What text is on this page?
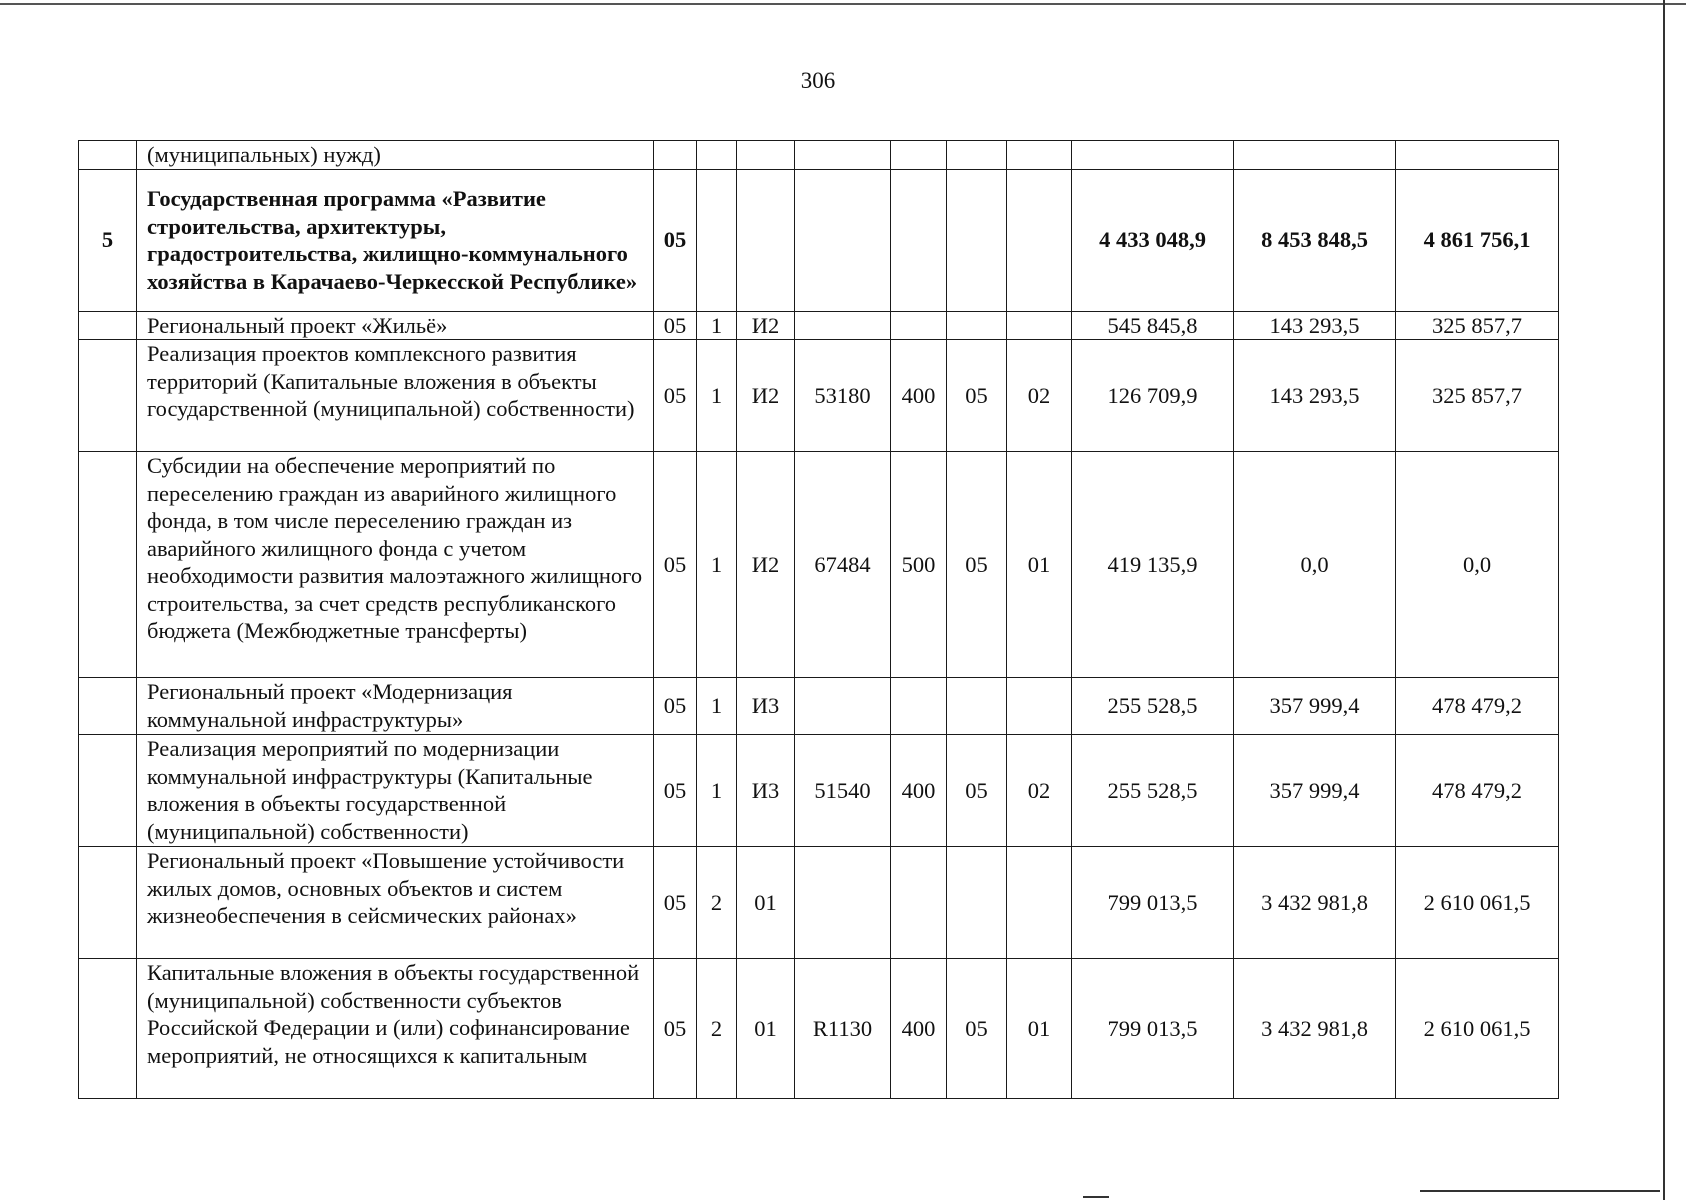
306
	(муниципальных) нужд)										
5	Государственная программа «Развитие строительства, архитектуры, градостроительства, жилищно-коммунального хозяйства в Карачаево-Черкесской Республике»	05							4 433 048,9	8 453 848,5	4 861 756,1
	Региональный проект «Жильё»	05	1	И2					545 845,8	143 293,5	325 857,7
	Реализация проектов комплексного развития территорий (Капитальные вложения в объекты государственной (муниципальной) собственности)	05	1	И2	53180	400	05	02	126 709,9	143 293,5	325 857,7
	Субсидии на обеспечение мероприятий по переселению граждан из аварийного жилищного фонда, в том числе переселению граждан из аварийного жилищного фонда с учетом необходимости развития малоэтажного жилищного строительства, за счет средств республиканского бюджета (Межбюджетные трансферты)	05	1	И2	67484	500	05	01	419 135,9	0,0	0,0
	Региональный проект «Модернизация коммунальной инфраструктуры»	05	1	И3					255 528,5	357 999,4	478 479,2
	Реализация мероприятий по модернизации коммунальной инфраструктуры (Капитальные вложения в объекты государственной (муниципальной) собственности)	05	1	И3	51540	400	05	02	255 528,5	357 999,4	478 479,2
	Региональный проект «Повышение устойчивости жилых домов, основных объектов и систем жизнеобеспечения в сейсмических районах»	05	2	01					799 013,5	3 432 981,8	2 610 061,5
	Капитальные вложения в объекты государственной (муниципальной) собственности субъектов Российской Федерации и (или) софинансирование мероприятий, не относящихся к капитальным	05	2	01	R1130	400	05	01	799 013,5	3 432 981,8	2 610 061,5
